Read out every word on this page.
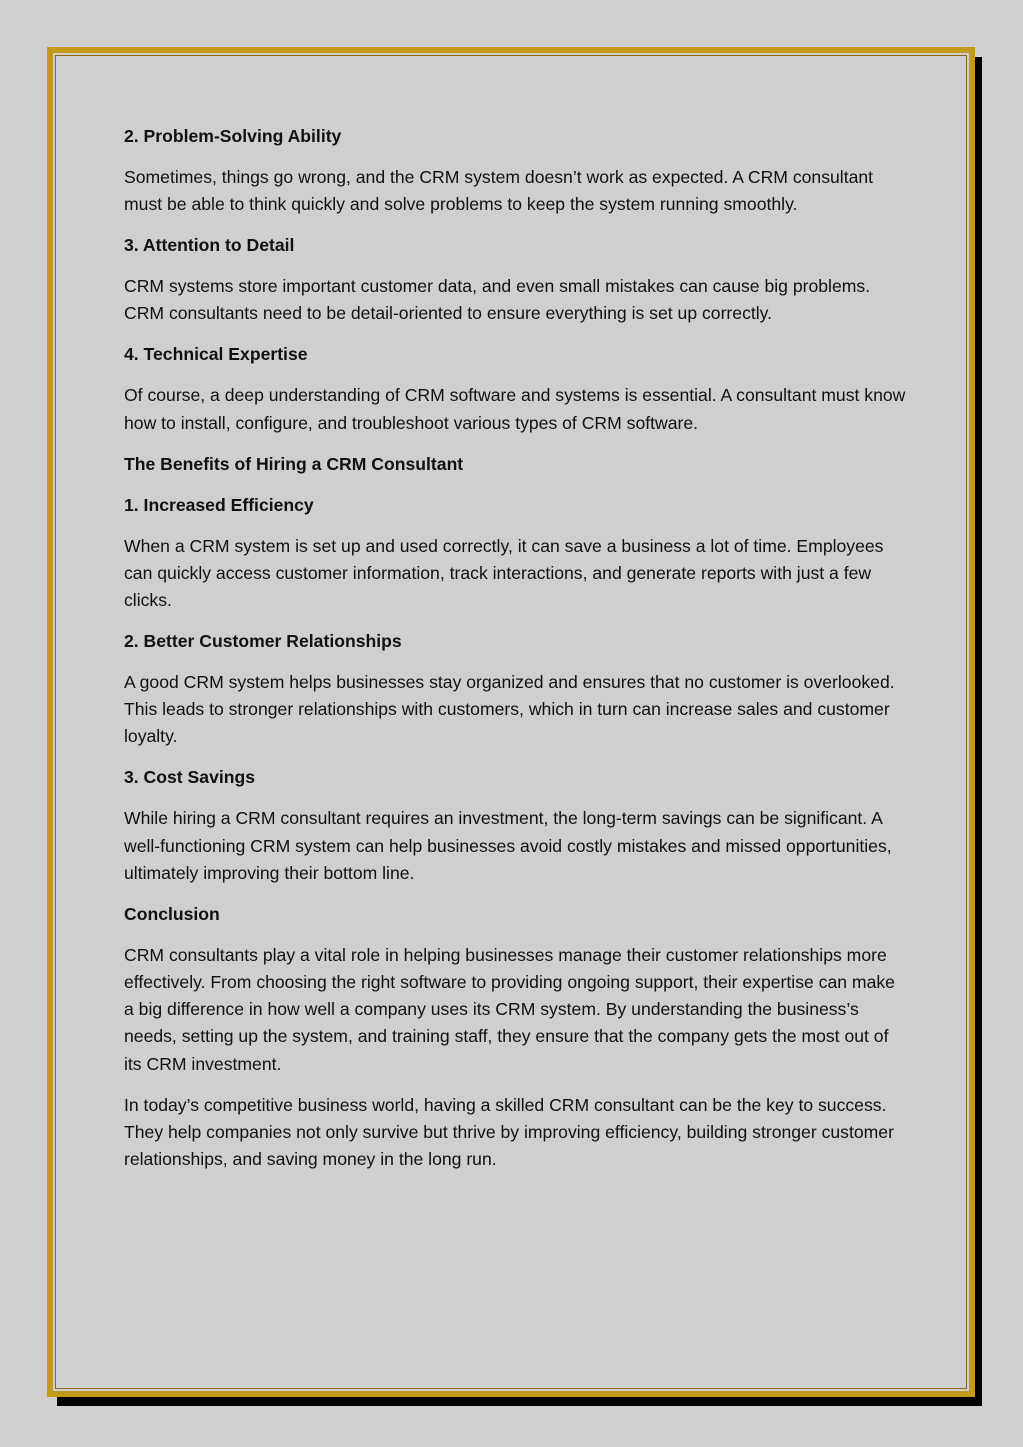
2. Problem-Solving Ability

Sometimes, things go wrong, and the CRM system doesn’t work as expected. A CRM consultant must be able to think quickly and solve problems to keep the system running smoothly.

3. Attention to Detail

CRM systems store important customer data, and even small mistakes can cause big problems. CRM consultants need to be detail-oriented to ensure everything is set up correctly.

4. Technical Expertise

Of course, a deep understanding of CRM software and systems is essential. A consultant must know how to install, configure, and troubleshoot various types of CRM software.

The Benefits of Hiring a CRM Consultant
1. Increased Efficiency

When a CRM system is set up and used correctly, it can save a business a lot of time. Employees can quickly access customer information, track interactions, and generate reports with just a few clicks.

2. Better Customer Relationships

A good CRM system helps businesses stay organized and ensures that no customer is overlooked. This leads to stronger relationships with customers, which in turn can increase sales and customer loyalty.

3. Cost Savings

While hiring a CRM consultant requires an investment, the long-term savings can be significant. A well-functioning CRM system can help businesses avoid costly mistakes and missed opportunities, ultimately improving their bottom line.

Conclusion

CRM consultants play a vital role in helping businesses manage their customer relationships more effectively. From choosing the right software to providing ongoing support, their expertise can make a big difference in how well a company uses its CRM system. By understanding the business’s needs, setting up the system, and training staff, they ensure that the company gets the most out of its CRM investment.

In today’s competitive business world, having a skilled CRM consultant can be the key to success. They help companies not only survive but thrive by improving efficiency, building stronger customer relationships, and saving money in the long run.
